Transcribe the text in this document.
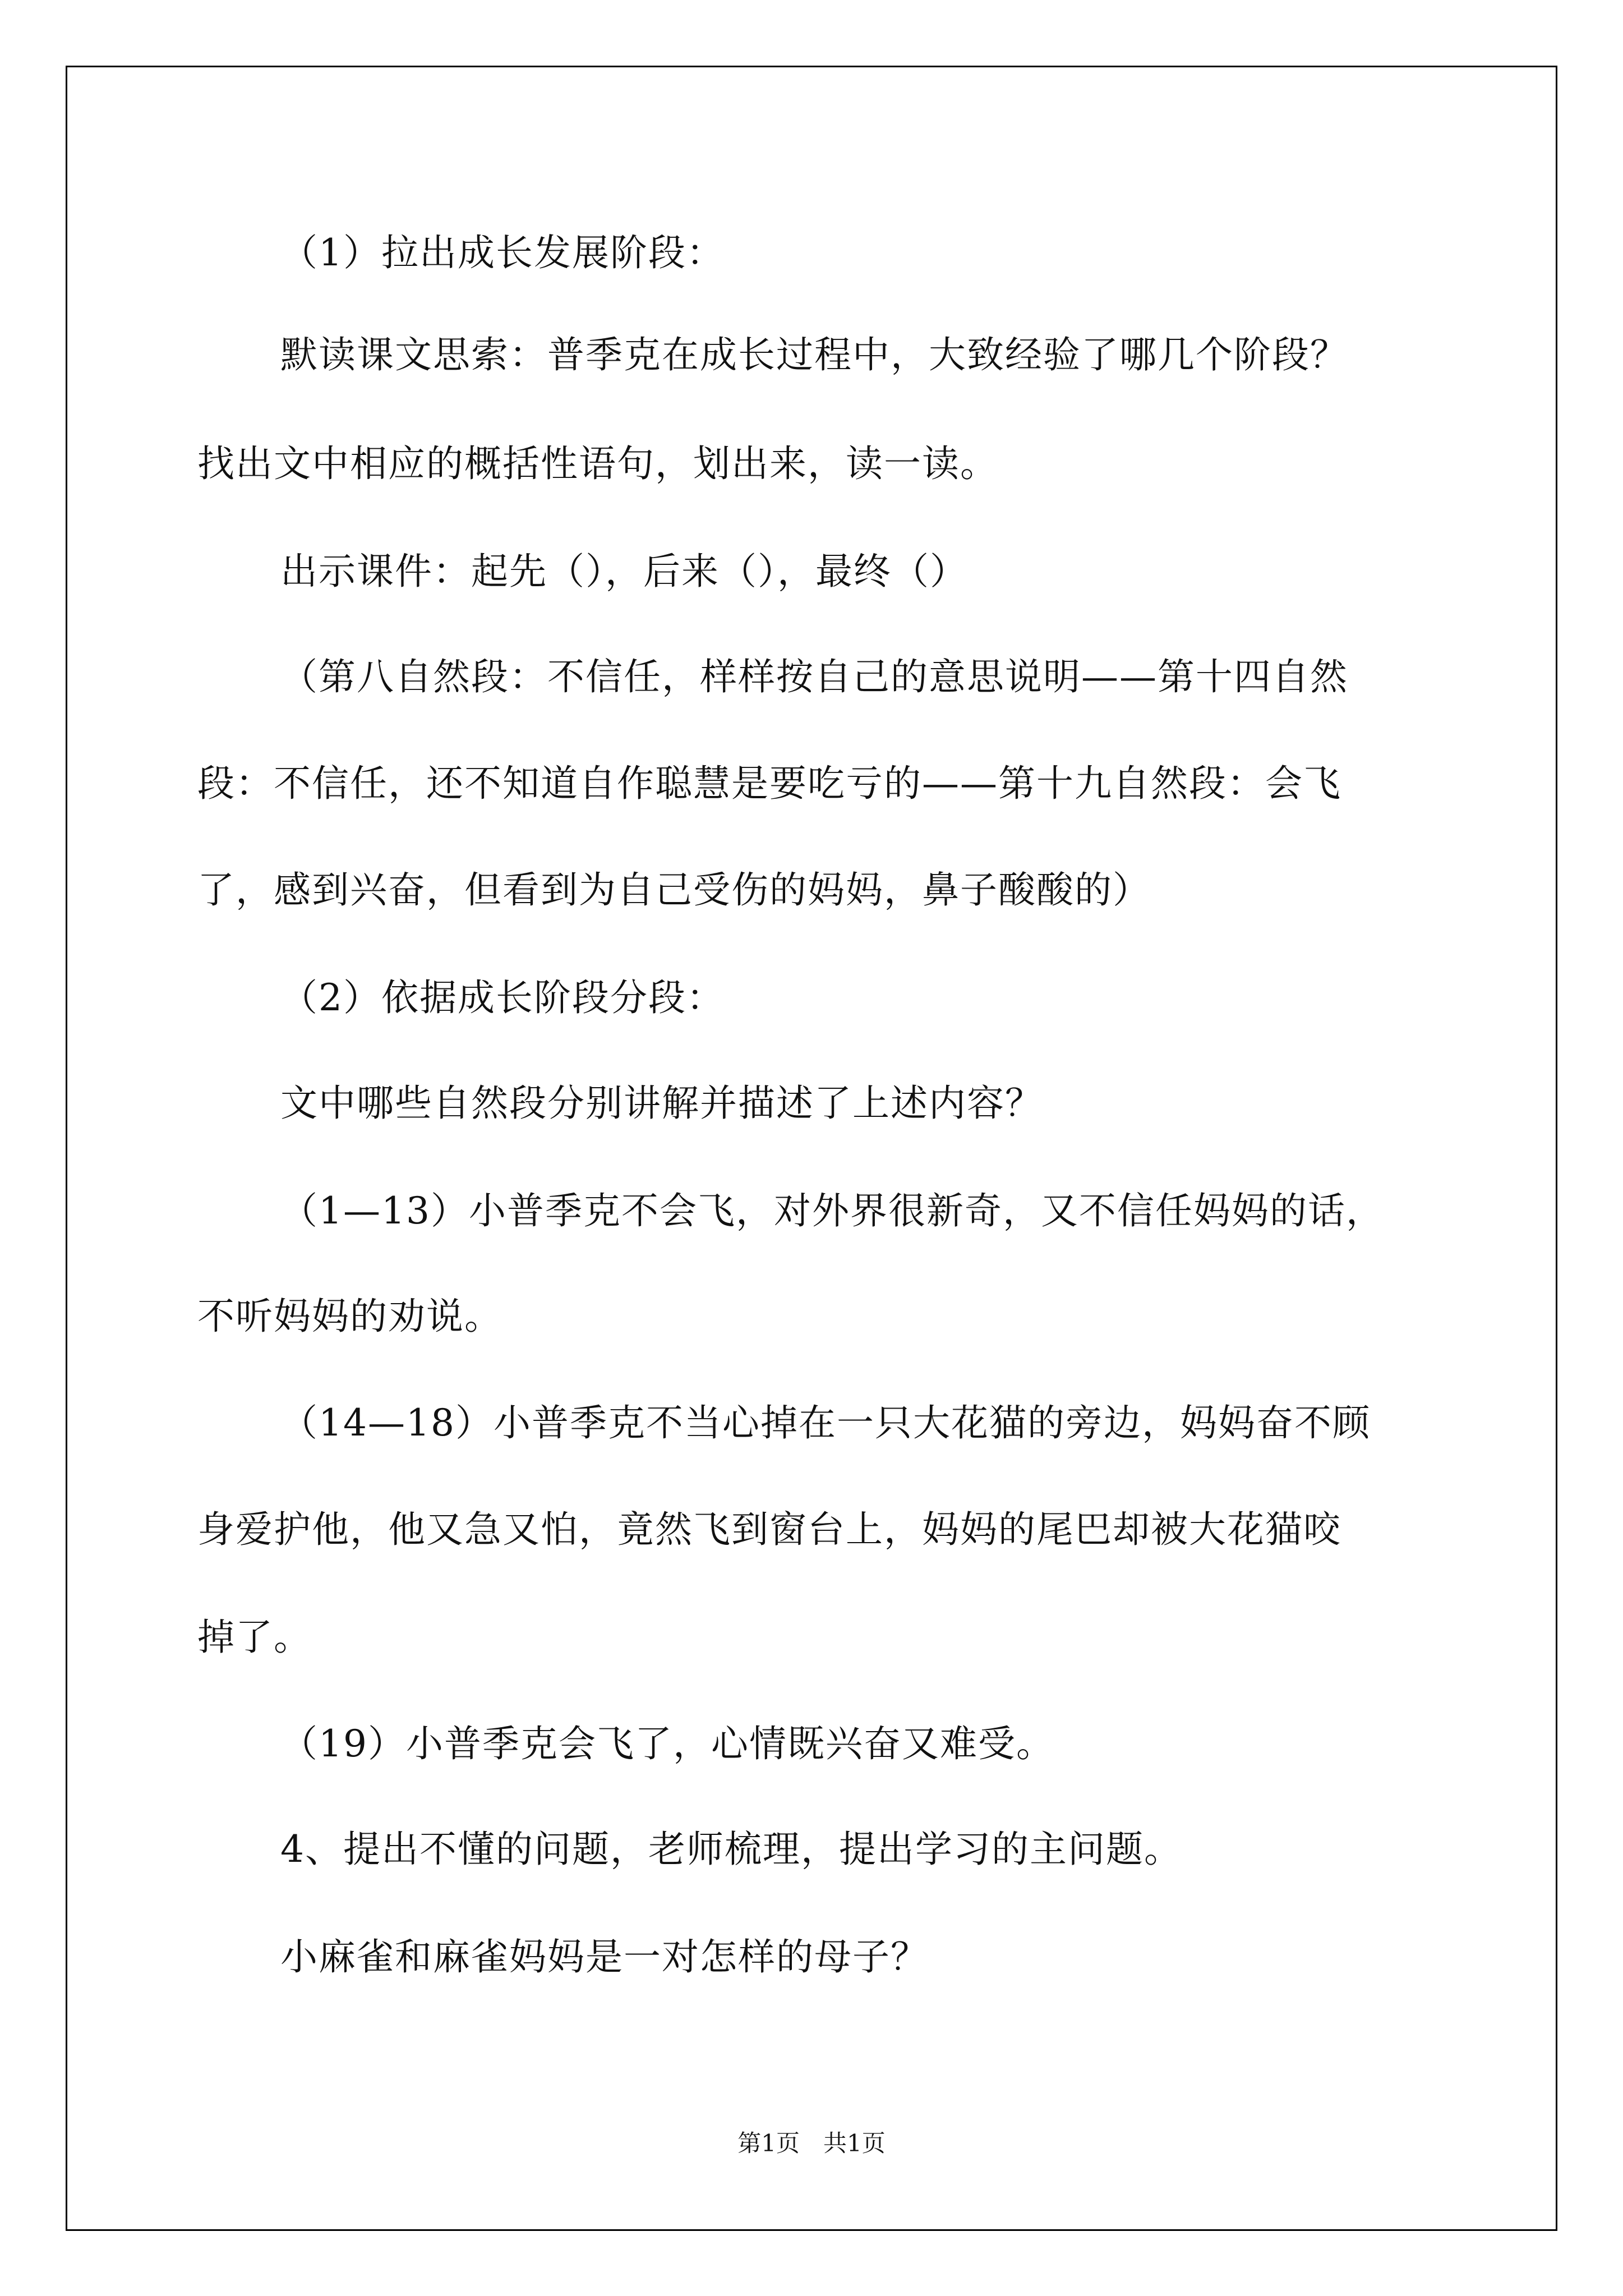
（1）拉出成长发展阶段：
默读课文思索：普季克在成长过程中，大致经验了哪几个阶段？
找出文中相应的概括性语句，划出来，读一读。
出示课件：起先（），后来（），最终（）
（第八自然段：不信任，样样按自己的意思说明——第十四自然
段：不信任，还不知道自作聪慧是要吃亏的——第十九自然段：会飞
了，感到兴奋，但看到为自己受伤的妈妈，鼻子酸酸的）
（2）依据成长阶段分段：
文中哪些自然段分别讲解并描述了上述内容？
（1—13）小普季克不会飞，对外界很新奇，又不信任妈妈的话，
不听妈妈的劝说。
（14—18）小普季克不当心掉在一只大花猫的旁边，妈妈奋不顾
身爱护他，他又急又怕，竟然飞到窗台上，妈妈的尾巴却被大花猫咬
掉了。
（19）小普季克会飞了，心情既兴奋又难受。
4、提出不懂的问题，老师梳理，提出学习的主问题。
小麻雀和麻雀妈妈是一对怎样的母子？
第1页　共1页
